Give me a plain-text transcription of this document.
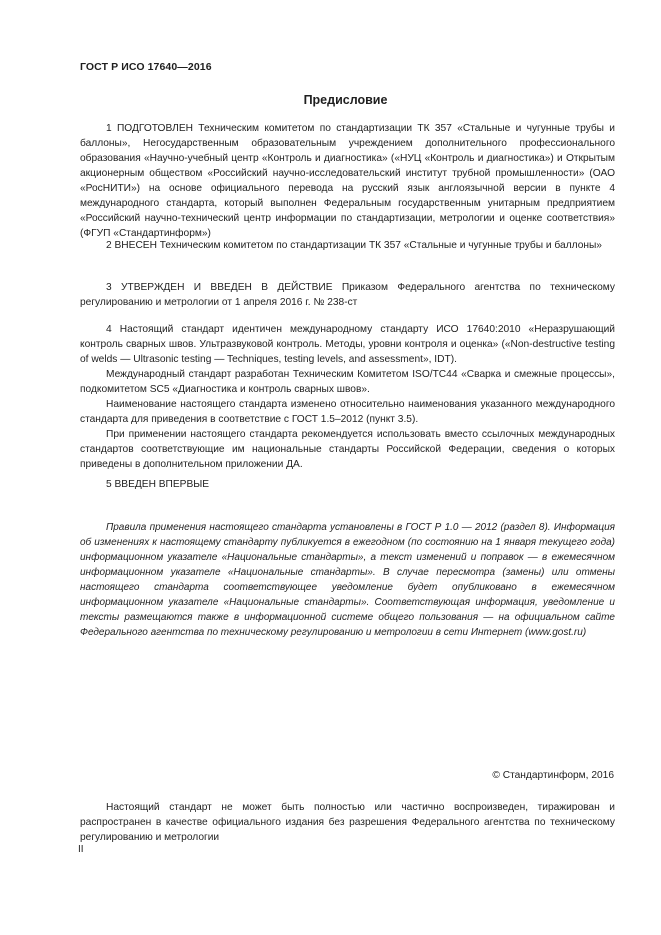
ГОСТ Р ИСО 17640—2016
Предисловие

1 ПОДГОТОВЛЕН Техническим комитетом по стандартизации ТК 357 «Стальные и чугунные трубы и баллоны», Негосударственным образовательным учреждением дополнительного профессионального образования «Научно-учебный центр «Контроль и диагностика» («НУЦ «Контроль и диагностика») и Открытым акционерным обществом «Российский научно-исследовательский институт трубной промышленности» (ОАО «РосНИТИ») на основе официального перевода на русский язык англоязычной версии в пункте 4 международного стандарта, который выполнен Федеральным государственным унитарным предприятием «Российский научно-технический центр информации по стандартизации, метрологии и оценке соответствия» (ФГУП «Стандартинформ»)

2 ВНЕСЕН Техническим комитетом по стандартизации ТК 357 «Стальные и чугунные трубы и баллоны»

3 УТВЕРЖДЕН И ВВЕДЕН В ДЕЙСТВИЕ Приказом Федерального агентства по техническому регулированию и метрологии от 1 апреля 2016 г. № 238-ст

4 Настоящий стандарт идентичен международному стандарту ИСО 17640:2010 «Неразрушающий контроль сварных швов. Ультразвуковой контроль. Методы, уровни контроля и оценка» («Non-destructive testing of welds — Ultrasonic testing — Techniques, testing levels, and assessment», IDT).

Международный стандарт разработан Техническим Комитетом ISO/TC44 «Сварка и смежные процессы», подкомитетом SC5 «Диагностика и контроль сварных швов».

Наименование настоящего стандарта изменено относительно наименования указанного международного стандарта для приведения в соответствие с ГОСТ 1.5–2012 (пункт 3.5).

При применении настоящего стандарта рекомендуется использовать вместо ссылочных международных стандартов соответствующие им национальные стандарты Российской Федерации, сведения о которых приведены в дополнительном приложении ДА.

5 ВВЕДЕН ВПЕРВЫЕ

Правила применения настоящего стандарта установлены в ГОСТ Р 1.0 — 2012 (раздел 8). Информация об изменениях к настоящему стандарту публикуется в ежегодном (по состоянию на 1 января текущего года) информационном указателе «Национальные стандарты», а текст изменений и поправок — в ежемесячном информационном указателе «Национальные стандарты». В случае пересмотра (замены) или отмены настоящего стандарта соответствующее уведомление будет опубликовано в ежемесячном информационном указателе «Национальные стандарты». Соответствующая информация, уведомление и тексты размещаются также в информационной системе общего пользования — на официальном сайте Федерального агентства по техническому регулированию и метрологии в сети Интернет (www.gost.ru)
© Стандартинформ, 2016
Настоящий стандарт не может быть полностью или частично воспроизведен, тиражирован и распространен в качестве официального издания без разрешения Федерального агентства по техническому регулированию и метрологии
II
